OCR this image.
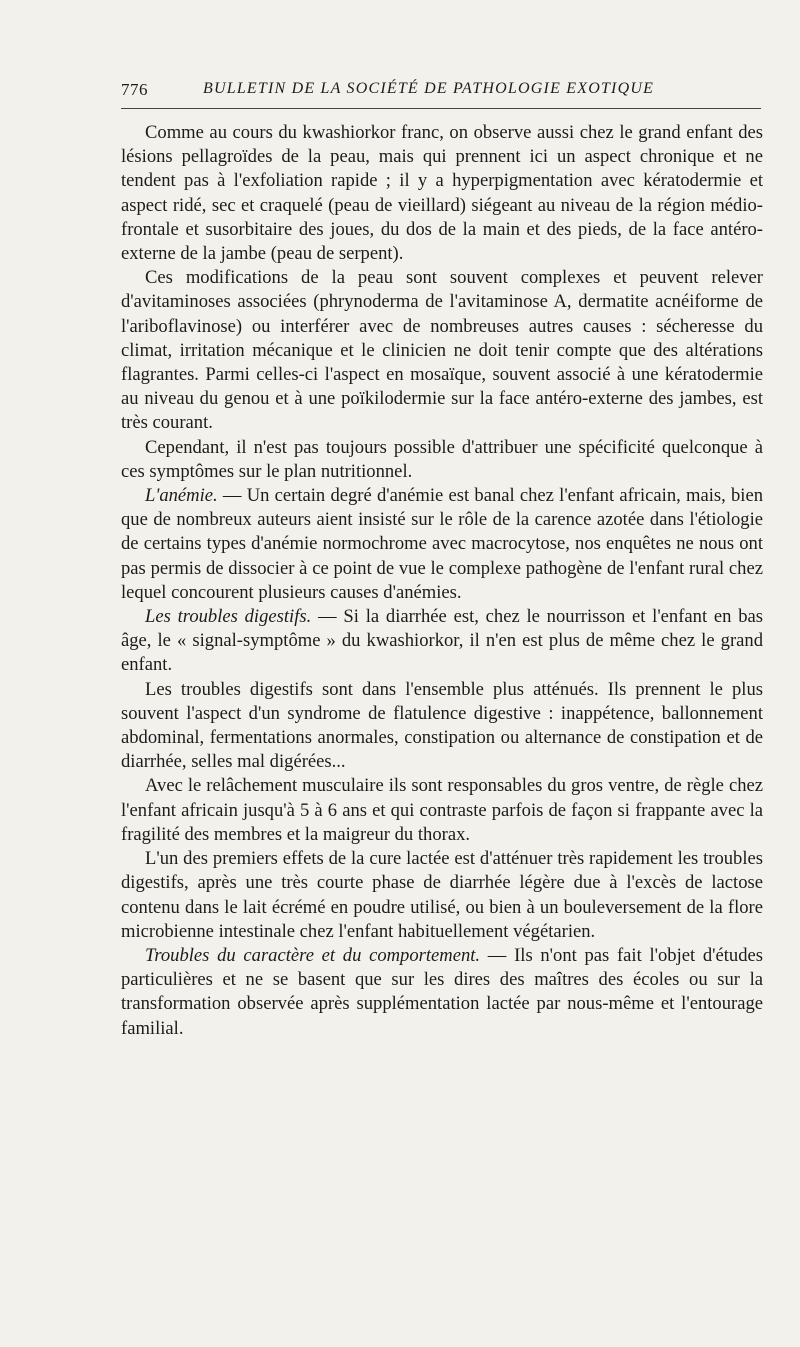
776	BULLETIN DE LA SOCIÉTÉ DE PATHOLOGIE EXOTIQUE

Comme au cours du kwashiorkor franc, on observe aussi chez le grand enfant des lésions pellagroïdes de la peau, mais qui prennent ici un aspect chronique et ne tendent pas à l'exfoliation rapide ; il y a hyperpigmentation avec kératodermie et aspect ridé, sec et craquelé (peau de vieillard) siégeant au niveau de la région médio-frontale et susorbitaire des joues, du dos de la main et des pieds, de la face antéro-externe de la jambe (peau de serpent).

Ces modifications de la peau sont souvent complexes et peuvent relever d'avitaminoses associées (phrynoderma de l'avitaminose A, dermatite acnéiforme de l'ariboflavinose) ou interférer avec de nombreuses autres causes : sécheresse du climat, irritation mécanique et le clinicien ne doit tenir compte que des altérations flagrantes. Parmi celles-ci l'aspect en mosaïque, souvent associé à une kératodermie au niveau du genou et à une poïkilodermie sur la face antéro-externe des jambes, est très courant.

Cependant, il n'est pas toujours possible d'attribuer une spécificité quelconque à ces symptômes sur le plan nutritionnel.

L'anémie. — Un certain degré d'anémie est banal chez l'enfant africain, mais, bien que de nombreux auteurs aient insisté sur le rôle de la carence azotée dans l'étiologie de certains types d'anémie normochrome avec macrocytose, nos enquêtes ne nous ont pas permis de dissocier à ce point de vue le complexe pathogène de l'enfant rural chez lequel concourent plusieurs causes d'anémies.

Les troubles digestifs. — Si la diarrhée est, chez le nourrisson et l'enfant en bas âge, le « signal-symptôme » du kwashiorkor, il n'en est plus de même chez le grand enfant.

Les troubles digestifs sont dans l'ensemble plus atténués. Ils prennent le plus souvent l'aspect d'un syndrome de flatulence digestive : inappétence, ballonnement abdominal, fermentations anormales, constipation ou alternance de constipation et de diarrhée, selles mal digérées...

Avec le relâchement musculaire ils sont responsables du gros ventre, de règle chez l'enfant africain jusqu'à 5 à 6 ans et qui contraste parfois de façon si frappante avec la fragilité des membres et la maigreur du thorax.

L'un des premiers effets de la cure lactée est d'atténuer très rapidement les troubles digestifs, après une très courte phase de diarrhée légère due à l'excès de lactose contenu dans le lait écrémé en poudre utilisé, ou bien à un bouleversement de la flore microbienne intestinale chez l'enfant habituellement végétarien.

Troubles du caractère et du comportement. — Ils n'ont pas fait l'objet d'études particulières et ne se basent que sur les dires des maîtres des écoles ou sur la transformation observée après supplémentation lactée par nous-même et l'entourage familial.
